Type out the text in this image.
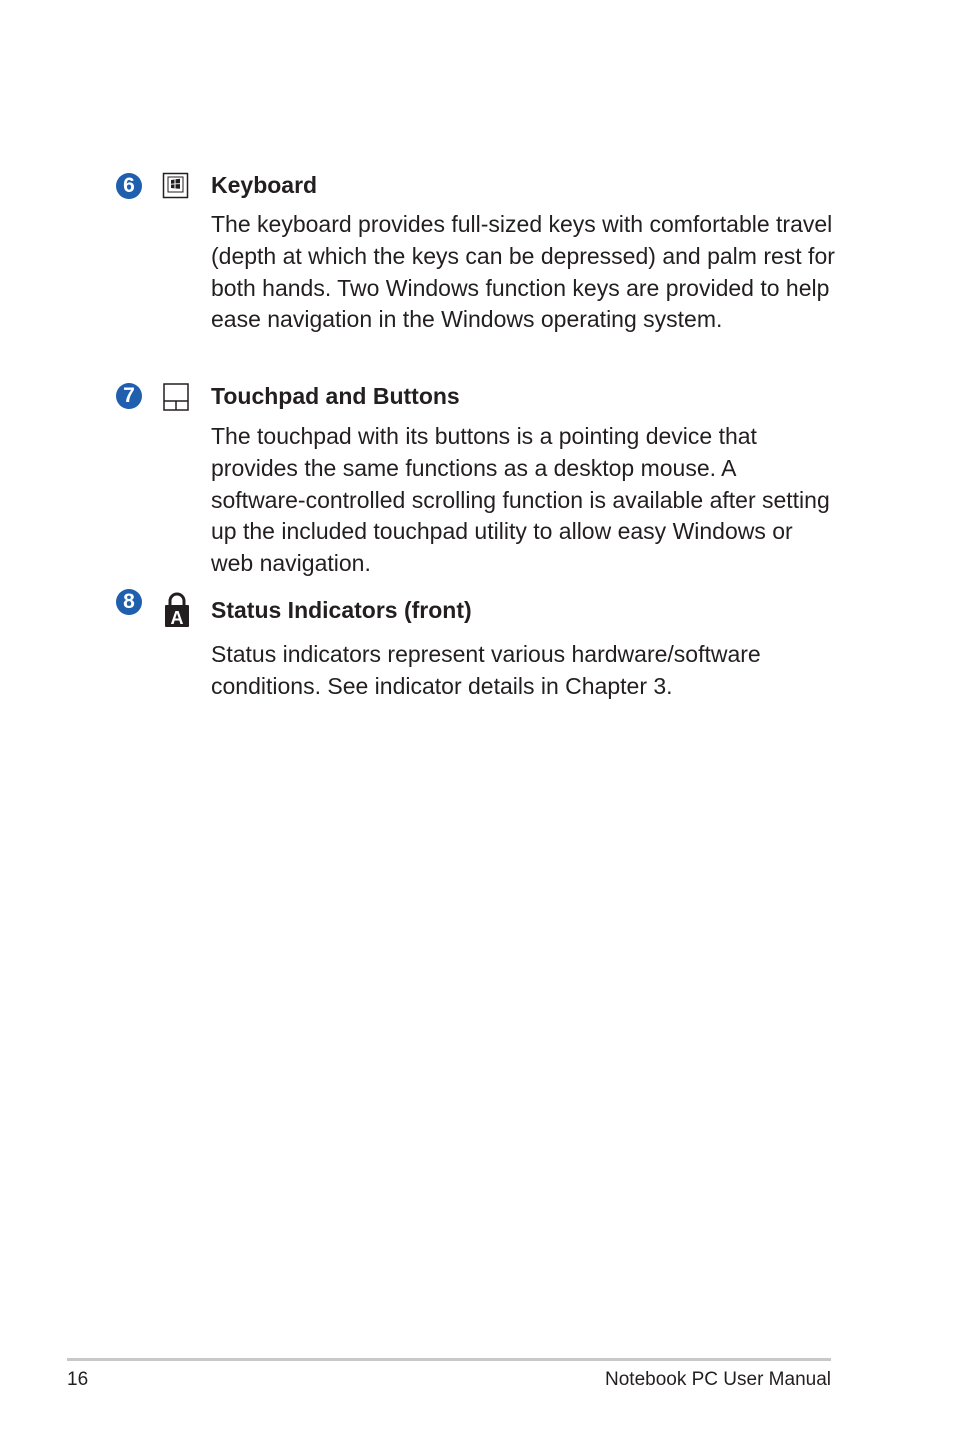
6	Keyboard
The keyboard provides full-sized keys with comfortable travel (depth at which the keys can be depressed) and palm rest for both hands. Two Windows function keys are provided to help ease navigation in the Windows operating system.
7	Touchpad and Buttons
The touchpad with its buttons is a pointing device that provides the same functions as a desktop mouse. A software-controlled scrolling function is available after setting up the included touchpad utility to allow easy Windows or web navigation.
8
A Status Indicators (front)
Status indicators represent various hardware/software conditions. See indicator details in Chapter 3.
16	Notebook PC User Manual
